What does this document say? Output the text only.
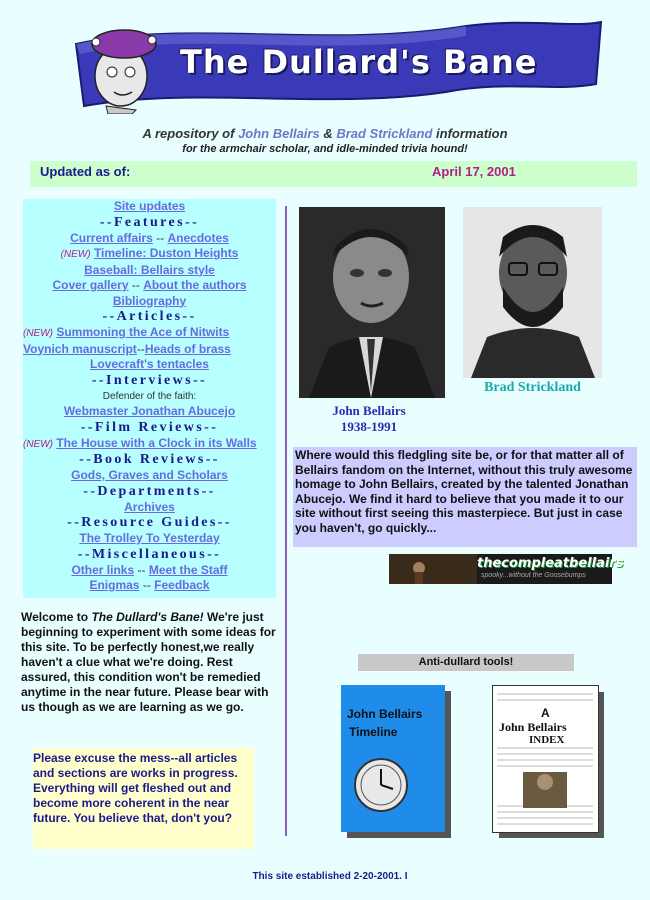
The Dullard's Bane
A repository of John Bellairs & Brad Strickland information
for the armchair scholar, and idle-minded trivia hound!
Updated as of:	April 17, 2001
Site updates
--Features--
Current affairs -- Anecdotes
(NEW) Timeline: Duston Heights
Baseball: Bellairs style
Cover gallery -- About the authors
Bibliography
--Articles--
(NEW) Summoning the Ace of Nitwits
Voynich manuscript--Heads of brass
Lovecraft's tentacles
--Interviews--
Defender of the faith:
Webmaster Jonathan Abucejo
--Film Reviews--
(NEW) The House with a Clock in its Walls
--Book Reviews--
Gods, Graves and Scholars
--Departments--
Archives
--Resource Guides--
The Trolley To Yesterday
--Miscellaneous--
Other links -- Meet the Staff
Enigmas -- Feedback
Welcome to The Dullard's Bane! We're just beginning to experiment with some ideas for this site. To be perfectly honest,we really haven't a clue what we're doing. Rest assured, this condition won't be remedied anytime in the near future. Please bear with us though as we are learning as we go.
Please excuse the mess--all articles and sections are works in progress. Everything will get fleshed out and become more coherent in the near future. You believe that, don't you?
John Bellairs
1938-1991
Brad Strickland
Where would this fledgling site be, or for that matter all of Bellairs fandom on the Internet, without this truly awesome homage to John Bellairs, created by the talented Jonathan Abucejo. We find it hard to believe that you made it to our site without first seeing this masterpiece. But just in case you haven't, go quickly...
thecompleatbellairs
spooky...without the Goosebumps
Anti-dullard tools!
John Bellairs
Timeline
A
John Bellairs
INDEX
This site established 2-20-2001. I
